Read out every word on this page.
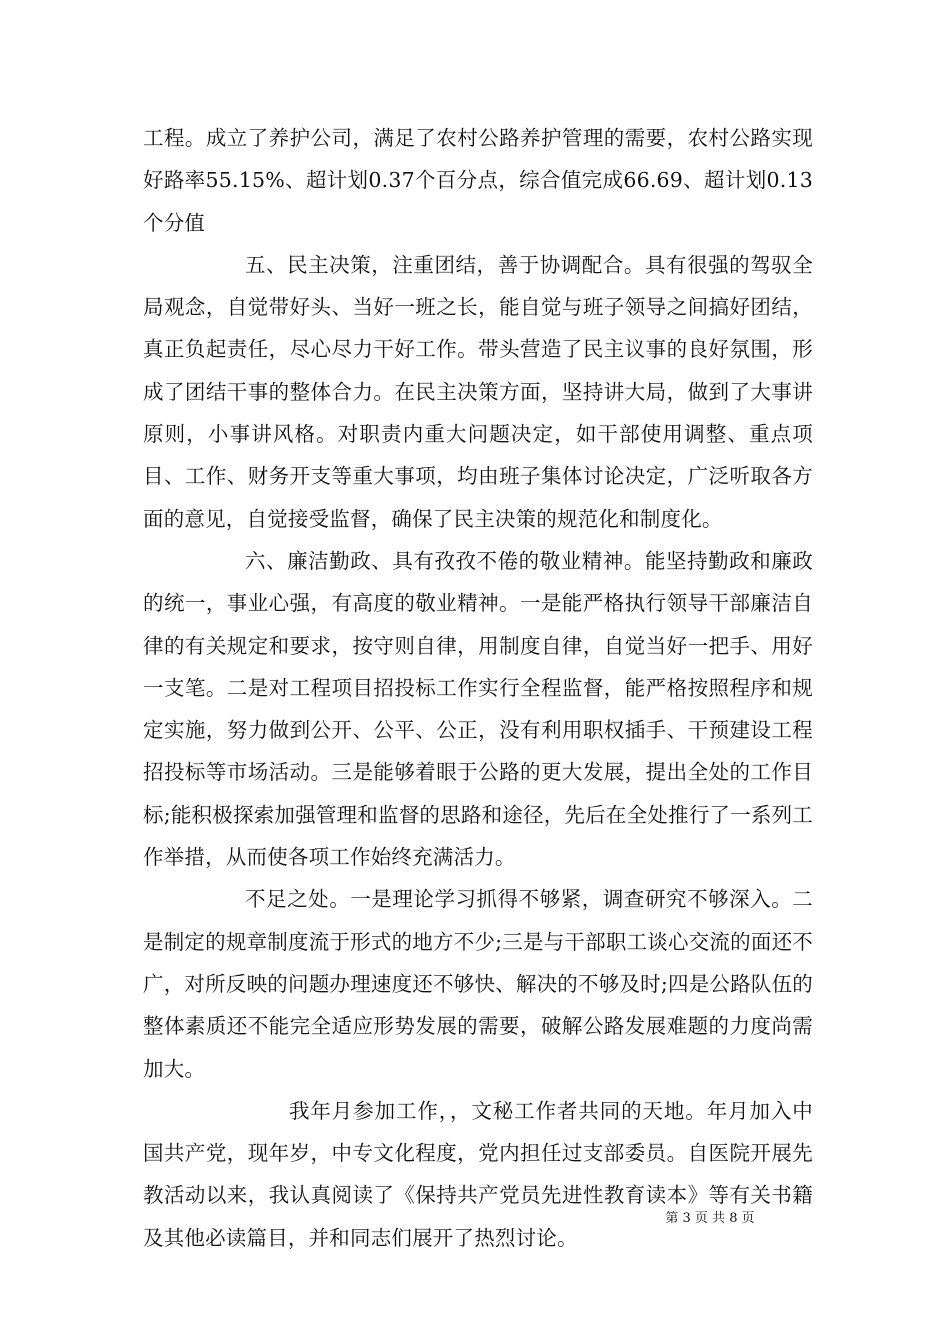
工程。成立了养护公司，满足了农村公路养护管理的需要，农村公路实现好路率55.15%、超计划0.37个百分点，综合值完成66.69、超计划0.13个分值

五、民主决策，注重团结，善于协调配合。具有很强的驾驭全局观念，自觉带好头、当好一班之长，能自觉与班子领导之间搞好团结，真正负起责任，尽心尽力干好工作。带头营造了民主议事的良好氛围，形成了团结干事的整体合力。在民主决策方面，坚持讲大局，做到了大事讲原则，小事讲风格。对职责内重大问题决定，如干部使用调整、重点项目、工作、财务开支等重大事项，均由班子集体讨论决定，广泛听取各方面的意见，自觉接受监督，确保了民主决策的规范化和制度化。

六、廉洁勤政、具有孜孜不倦的敬业精神。能坚持勤政和廉政的统一，事业心强，有高度的敬业精神。一是能严格执行领导干部廉洁自律的有关规定和要求，按守则自律，用制度自律，自觉当好一把手、用好一支笔。二是对工程项目招投标工作实行全程监督，能严格按照程序和规定实施，努力做到公开、公平、公正，没有利用职权插手、干预建设工程招投标等市场活动。三是能够着眼于公路的更大发展，提出全处的工作目标;能积极探索加强管理和监督的思路和途径，先后在全处推行了一系列工作举措，从而使各项工作始终充满活力。

不足之处。一是理论学习抓得不够紧，调查研究不够深入。二是制定的规章制度流于形式的地方不少;三是与干部职工谈心交流的面还不广，对所反映的问题办理速度还不够快、解决的不够及时;四是公路队伍的整体素质还不能完全适应形势发展的需要，破解公路发展难题的力度尚需加大。

我年月参加工作，，文秘工作者共同的天地。年月加入中国共产党，现年岁，中专文化程度，党内担任过支部委员。自医院开展先教活动以来，我认真阅读了《保持共产党员先进性教育读本》等有关书籍及其他必读篇目，并和同志们展开了热烈讨论。

第 3 页 共 8 页
